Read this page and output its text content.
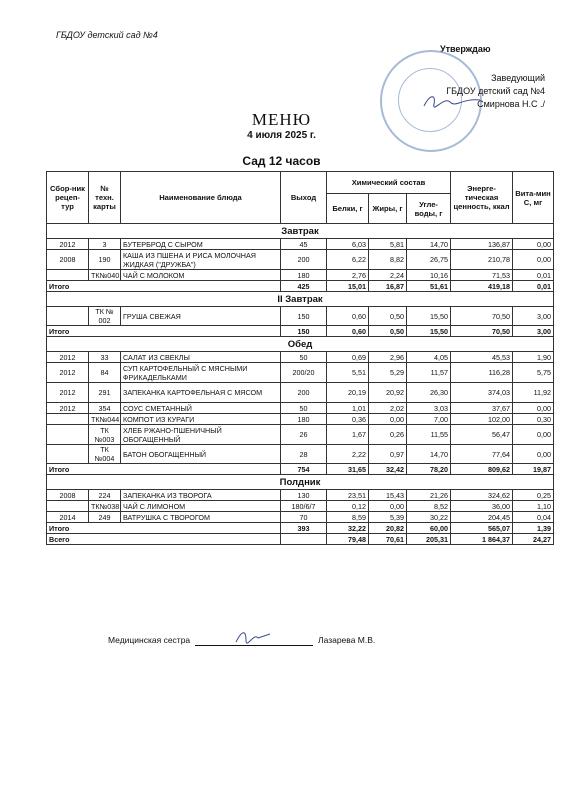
ГБДОУ детский сад №4
Утверждаю
Заведующий
ГБДОУ детский сад №4
Смирнова Н.С ./
МЕНЮ
4 июля 2025 г.
Сад 12 часов
Сбор-ник рецеп-тур	№ техн. карты	Наименование блюда	Выход	Химический состав			Энерге-тическая ценность, ккал	Вита-мин С, мг
				Белки, г	Жиры, г	Угле-воды, г		
Завтрак								
2012	3	БУТЕРБРОД С СЫРОМ	45	6,03	5,81	14,70	136,87	0,00
2008	190	КАША ИЗ ПШЕНА И РИСА МОЛОЧНАЯ ЖИДКАЯ ("ДРУЖБА")	200	6,22	8,82	26,75	210,78	0,00
	ТК№040	ЧАЙ С МОЛОКОМ	180	2,76	2,24	10,16	71,53	0,01
Итого			425	15,01	16,87	51,61	419,18	0,01
II Завтрак								
	ТК № 002	ГРУША СВЕЖАЯ	150	0,60	0,50	15,50	70,50	3,00
Итого			150	0,60	0,50	15,50	70,50	3,00
Обед								
2012	33	САЛАТ ИЗ СВЕКЛЫ	50	0,69	2,96	4,05	45,53	1,90
2012	84	СУП КАРТОФЕЛЬНЫЙ С МЯСНЫМИ ФРИКАДЕЛЬКАМИ	200/20	5,51	5,29	11,57	116,28	5,75
2012	291	ЗАПЕКАНКА КАРТОФЕЛЬНАЯ С МЯСОМ	200	20,19	20,92	26,30	374,03	11,92
2012	354	СОУС СМЕТАННЫЙ	50	1,01	2,02	3,03	37,67	0,00
	ТК№044	КОМПОТ ИЗ КУРАГИ	180	0,36	0,00	7,00	102,00	0,30
	ТК №003	ХЛЕБ РЖАНО-ПШЕНИЧНЫЙ ОБОГАЩЕННЫЙ	26	1,67	0,26	11,55	56,47	0,00
	ТК №004	БАТОН ОБОГАЩЕННЫЙ	28	2,22	0,97	14,70	77,64	0,00
Итого			754	31,65	32,42	78,20	809,62	19,87
Полдник								
2008	224	ЗАПЕКАНКА ИЗ ТВОРОГА	130	23,51	15,43	21,26	324,62	0,25
	ТК№038	ЧАЙ С ЛИМОНОМ	180/6/7	0,12	0,00	8,52	36,00	1,10
2014	249	ВАТРУШКА С ТВОРОГОМ	70	8,59	5,39	30,22	204,45	0,04
Итого			393	32,22	20,82	60,00	565,07	1,39
Всего				79,48	70,61	205,31	1 864,37	24,27
Медицинская сестра	Лазарева М.В.
